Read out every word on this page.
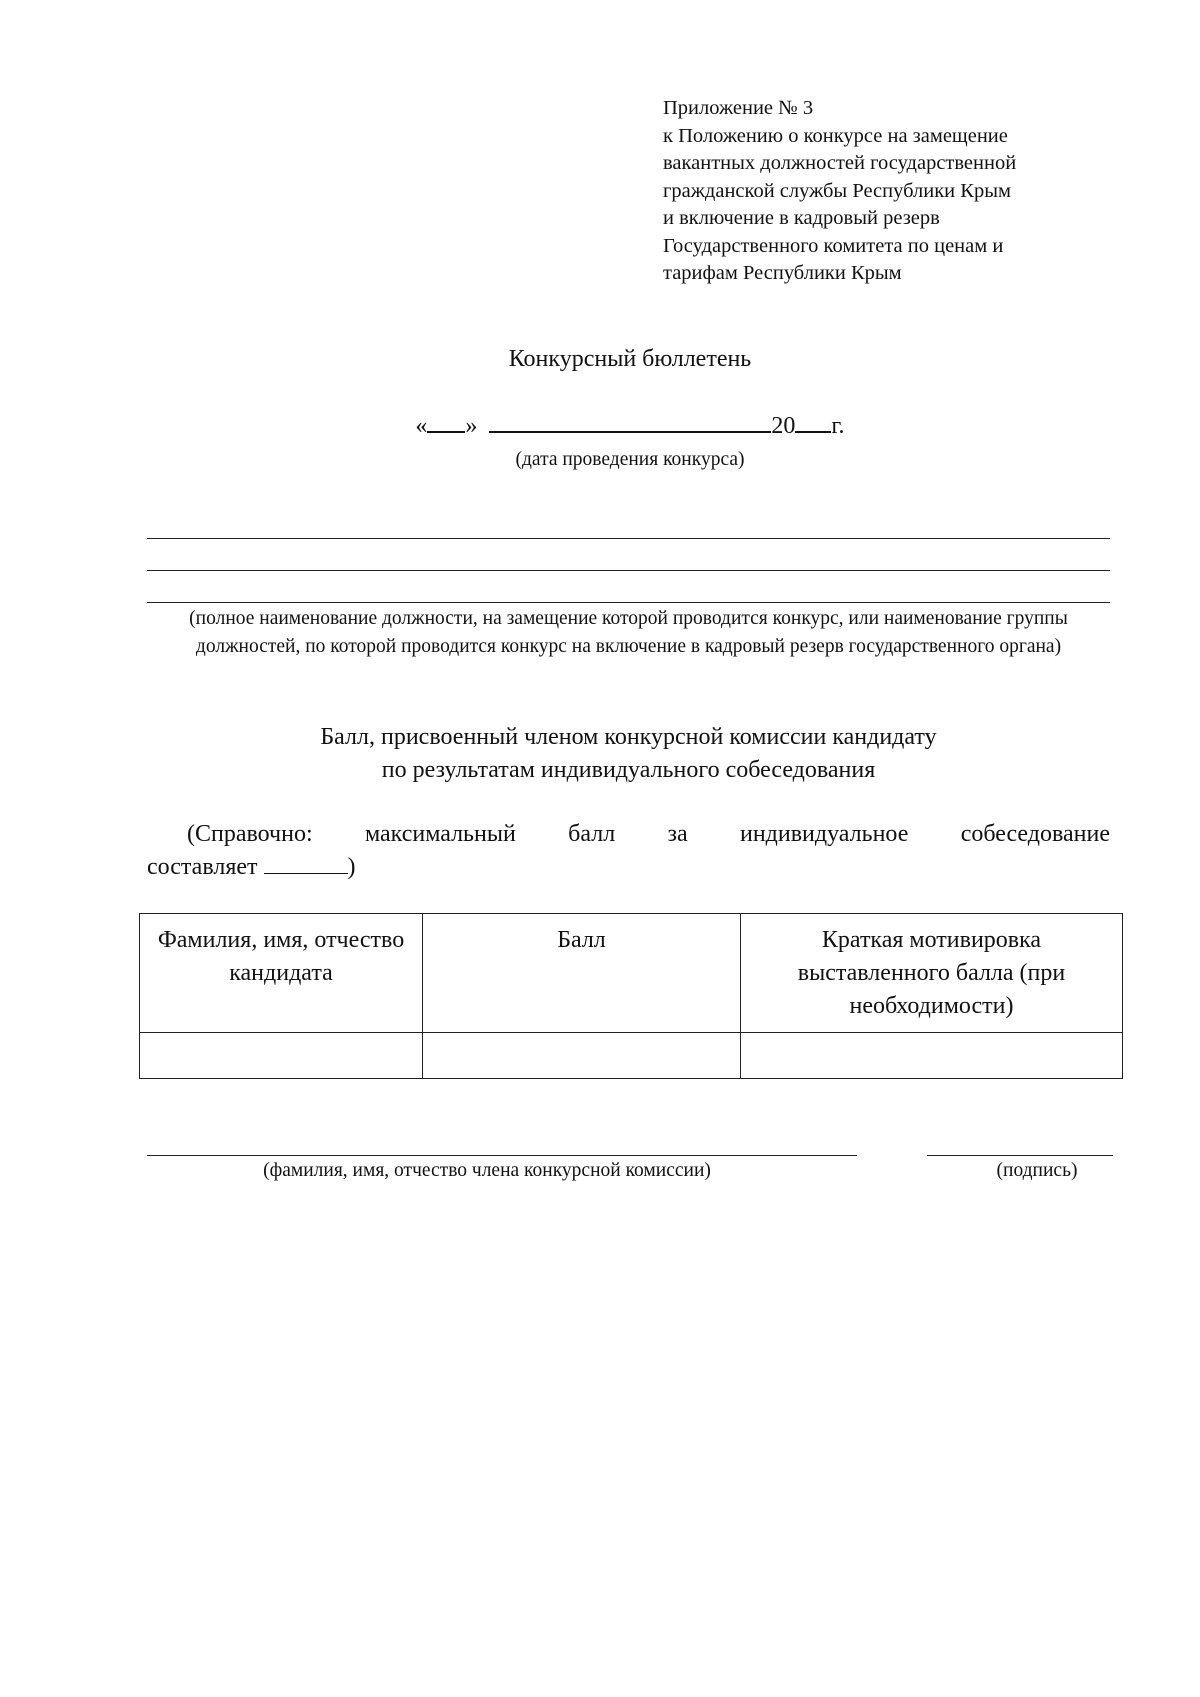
Приложение № 3
к Положению о конкурсе на замещение
вакантных должностей государственной
гражданской службы Республики Крым
и включение в кадровый резерв
Государственного комитета по ценам и
тарифам Республики Крым
Конкурсный бюллетень
« »	20 г.
(дата проведения конкурса)
(полное наименование должности, на замещение которой проводится конкурс, или наименование группы должностей, по которой проводится конкурс на включение в кадровый резерв государственного органа)
Балл, присвоенный членом конкурсной комиссии кандидату
по результатам индивидуального собеседования
(Справочно: максимальный балл за индивидуальное собеседование
составляет	)
Фамилия, имя, отчество кандидата	Балл	Краткая мотивировка выставленного балла (при необходимости)

(фамилия, имя, отчество члена конкурсной комиссии)	(подпись)
